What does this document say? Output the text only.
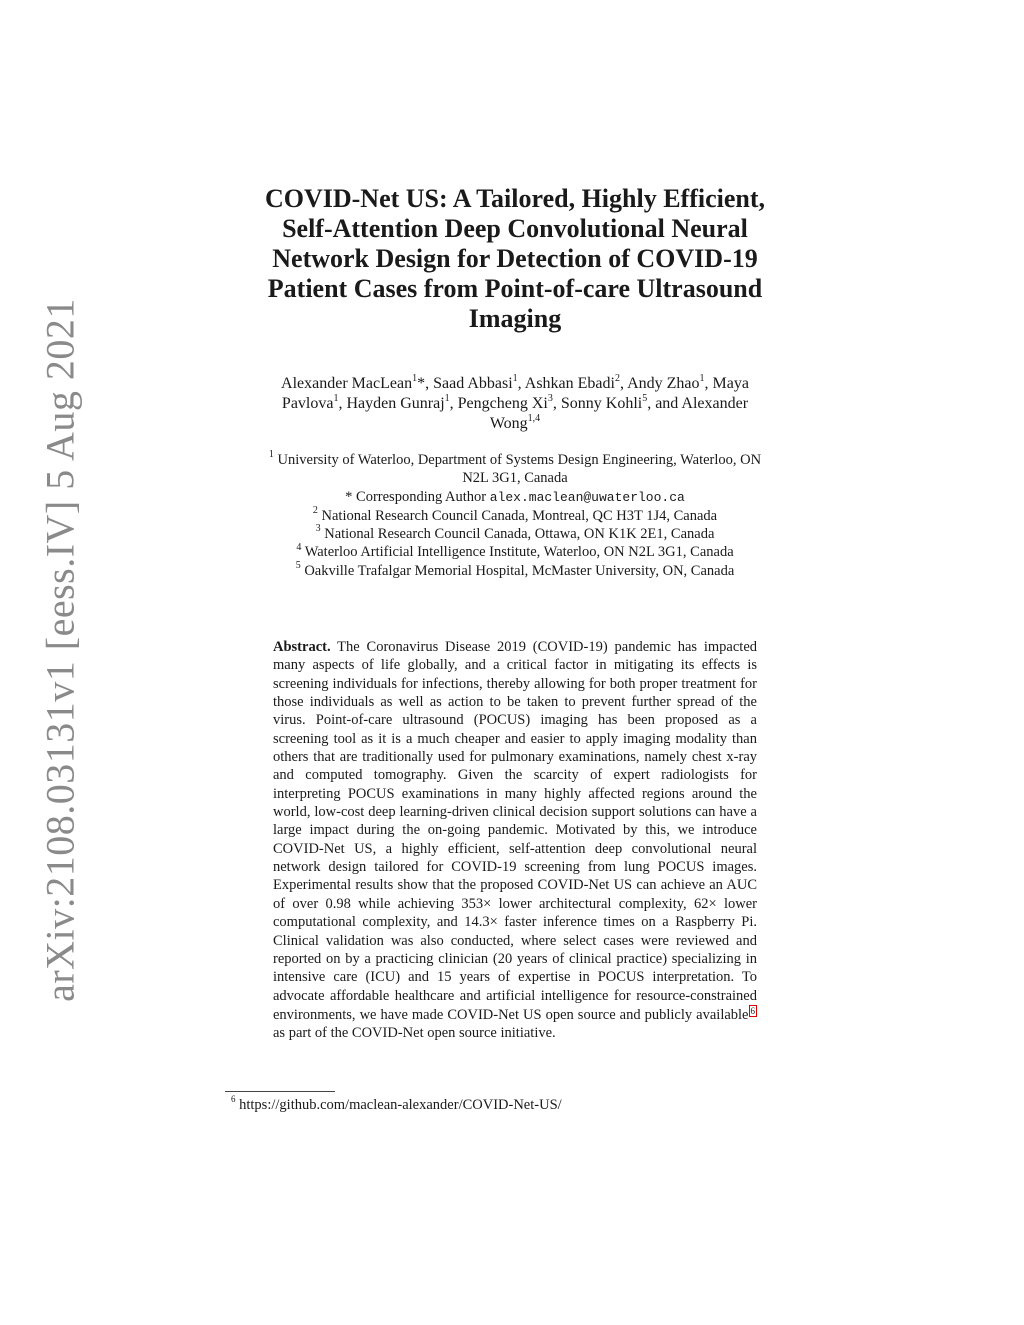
arXiv:2108.03131v1 [eess.IV] 5 Aug 2021
COVID-Net US: A Tailored, Highly Efficient,
Self-Attention Deep Convolutional Neural
Network Design for Detection of COVID-19
Patient Cases from Point-of-care Ultrasound
Imaging
Alexander MacLean$^1$*, Saad Abbasi$^1$, Ashkan Ebadi$^2$, Andy Zhao$^1$, Maya
Pavlova$^1$, Hayden Gunraj$^1$, Pengcheng Xi$^3$, Sonny Kohli$^5$, and Alexander
Wong$^{1,4}$
$^1$ University of Waterloo, Department of Systems Design Engineering, Waterloo, ON
N2L 3G1, Canada
* Corresponding Author alex.maclean@uwaterloo.ca
$^2$ National Research Council Canada, Montreal, QC H3T 1J4, Canada
$^3$ National Research Council Canada, Ottawa, ON K1K 2E1, Canada
$^4$ Waterloo Artificial Intelligence Institute, Waterloo, ON N2L 3G1, Canada
$^5$ Oakville Trafalgar Memorial Hospital, McMaster University, ON, Canada
Abstract. The Coronavirus Disease 2019 (COVID-19) pandemic has impacted many aspects of life globally, and a critical factor in mitigating its effects is screening individuals for infections, thereby allowing for both proper treatment for those individuals as well as action to be taken to prevent further spread of the virus. Point-of-care ultrasound (POCUS) imaging has been proposed as a screening tool as it is a much cheaper and easier to apply imaging modality than others that are traditionally used for pulmonary examinations, namely chest x-ray and computed tomography. Given the scarcity of expert radiologists for interpreting POCUS examinations in many highly affected regions around the world, low-cost deep learning-driven clinical decision support solutions can have a large impact during the on-going pandemic. Motivated by this, we introduce COVID-Net US, a highly efficient, self-attention deep convolutional neural network design tailored for COVID-19 screening from lung POCUS images. Experimental results show that the proposed COVID-Net US can achieve an AUC of over 0.98 while achieving 353× lower architectural complexity, 62× lower computational complexity, and 14.3× faster inference times on a Raspberry Pi. Clinical validation was also conducted, where select cases were reviewed and reported on by a practicing clinician (20 years of clinical practice) specializing in intensive care (ICU) and 15 years of expertise in POCUS interpretation. To advocate affordable healthcare and artificial intelligence for resource-constrained environments, we have made COVID-Net US open source and publicly available 6 as part of the COVID-Net open source initiative.
$^6$ https://github.com/maclean-alexander/COVID-Net-US/
